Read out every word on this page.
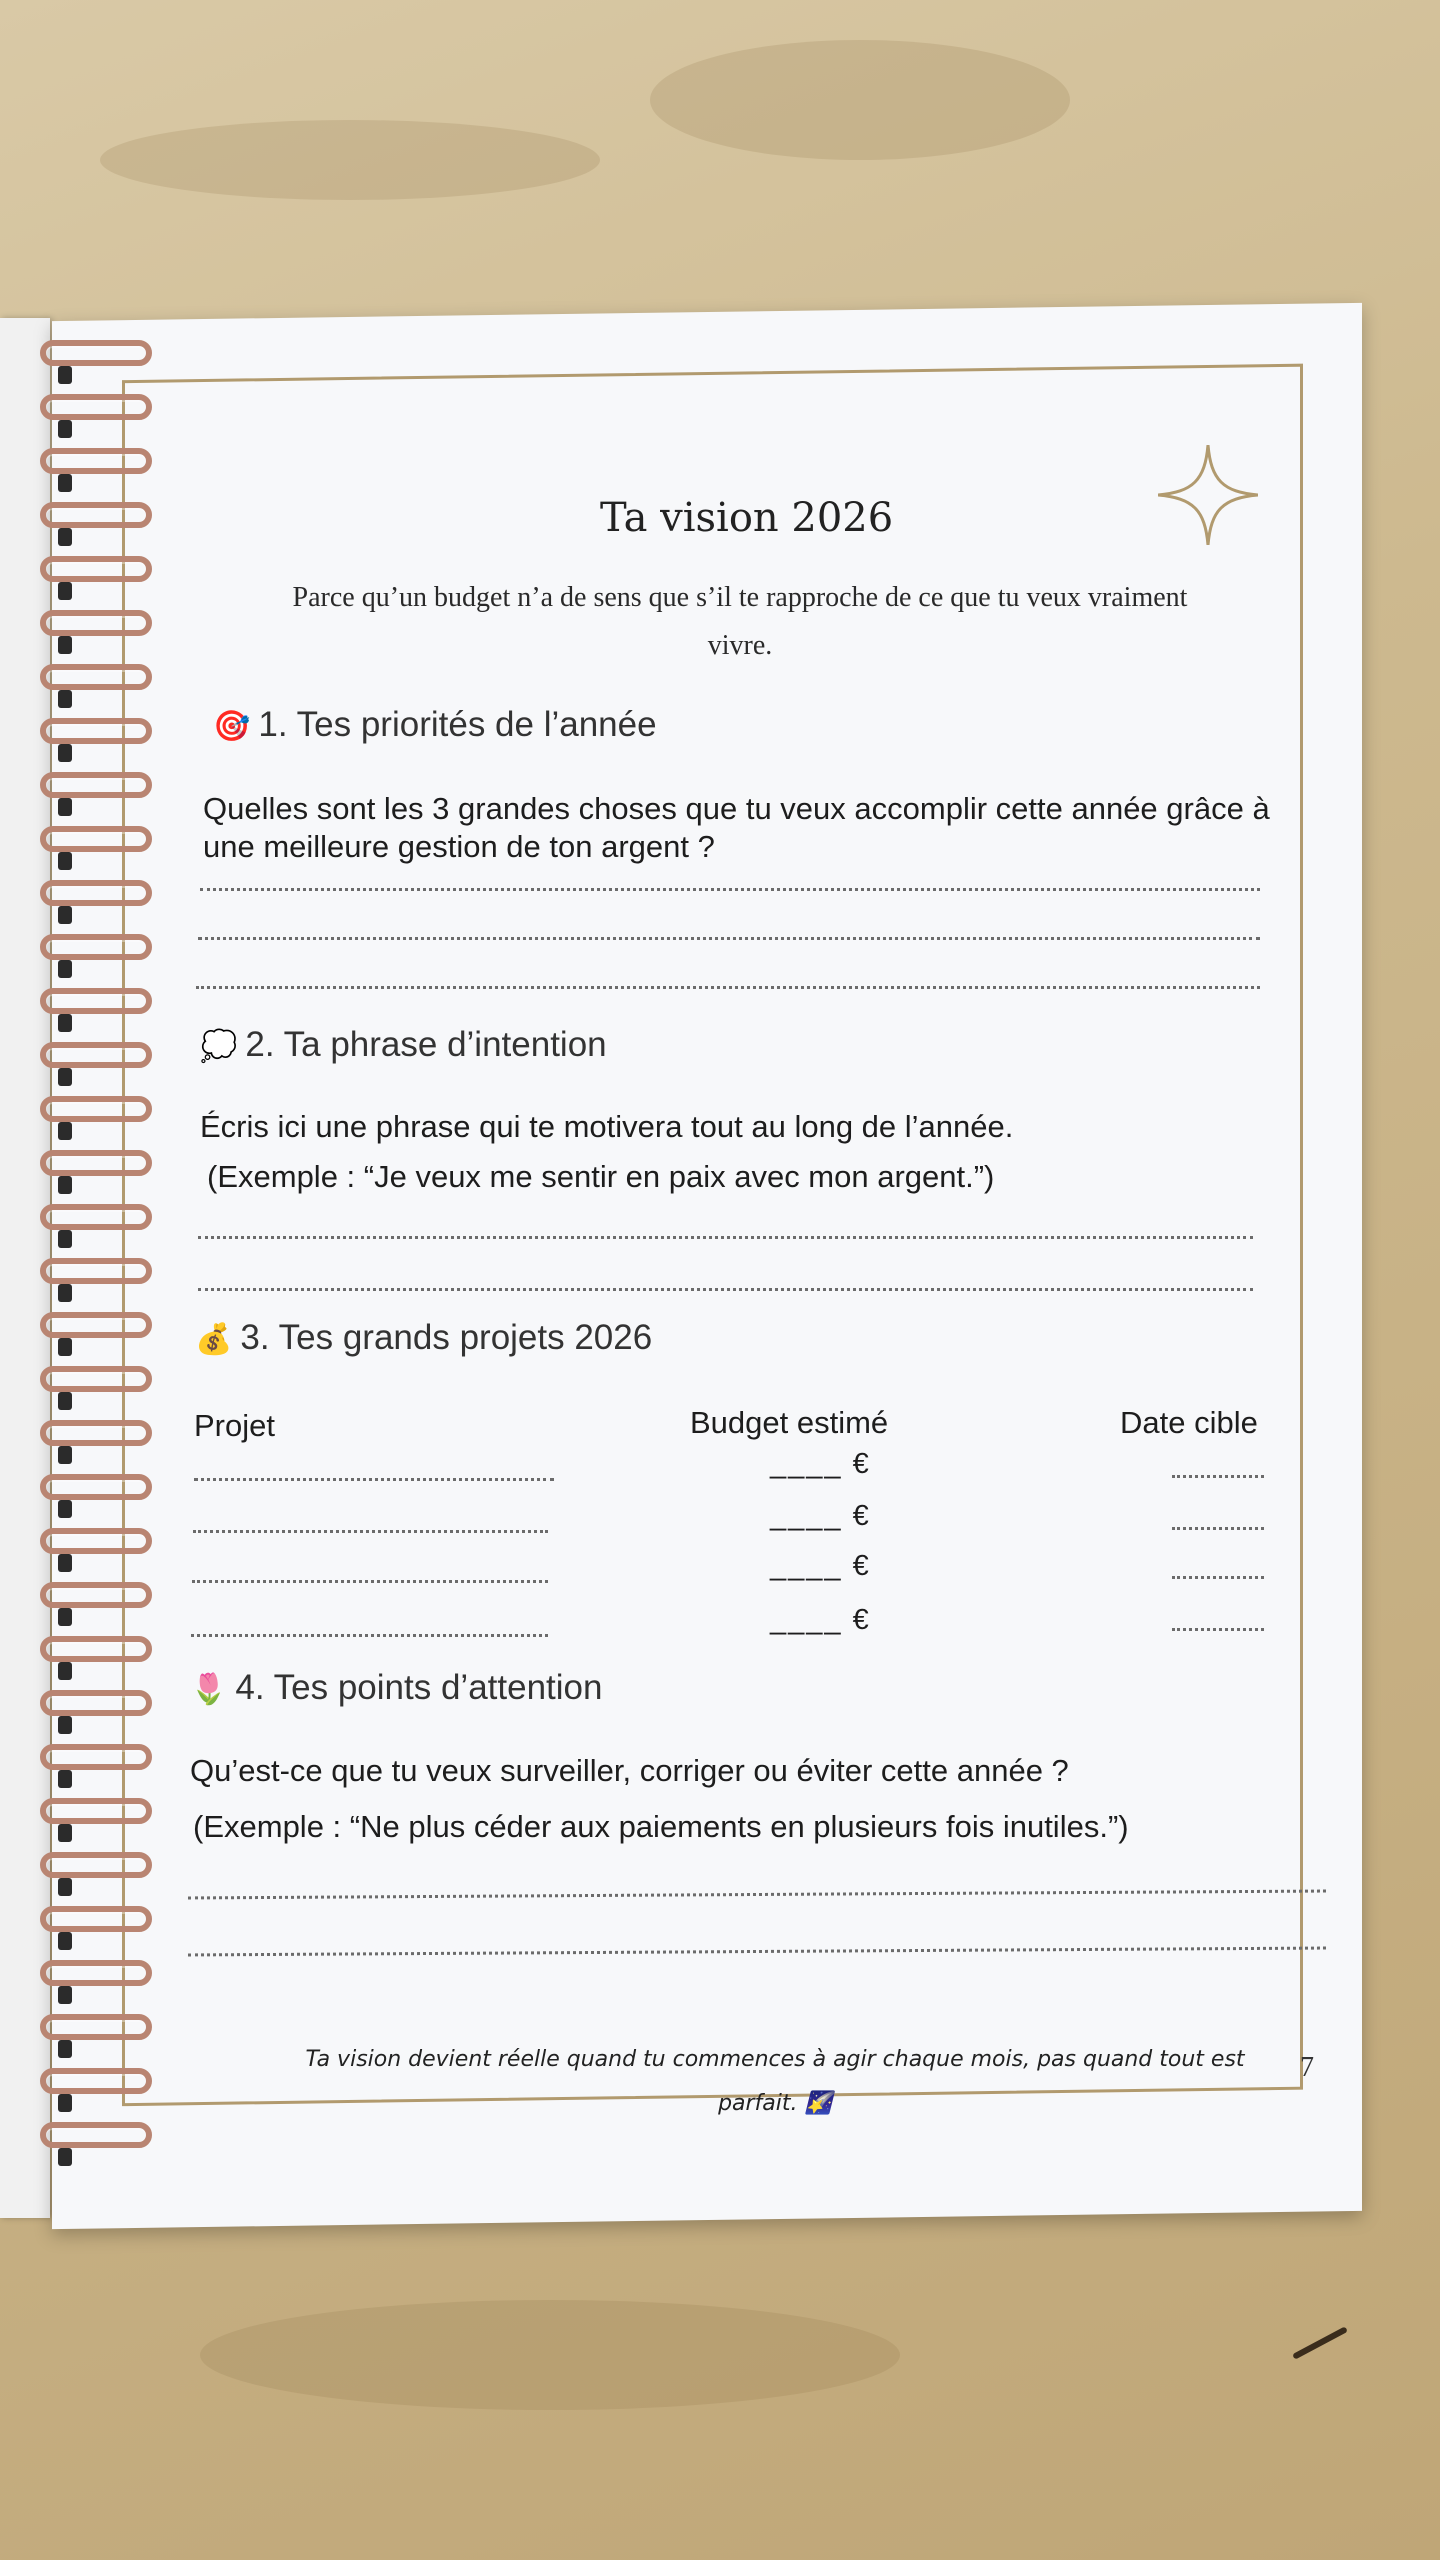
Ta vision 2026
Parce qu’un budget n’a de sens que s’il te rapproche de ce que tu veux vraiment vivre.
🎯 1. Tes priorités de l’année
Quelles sont les 3 grandes choses que tu veux accomplir cette année grâce à une meilleure gestion de ton argent ?
💭 2. Ta phrase d’intention
Écris ici une phrase qui te motivera tout au long de l’année.
(Exemple : “Je veux me sentir en paix avec mon argent.”)
💰 3. Tes grands projets 2026
Projet	Budget estimé	Date cible
____ €
____ €
____ €
____ €
🌷 4. Tes points d’attention
Qu’est-ce que tu veux surveiller, corriger ou éviter cette année ?
(Exemple : “Ne plus céder aux paiements en plusieurs fois inutiles.”)
Ta vision devient réelle quand tu commences à agir chaque mois, pas quand tout est
parfait. 🌠
7
